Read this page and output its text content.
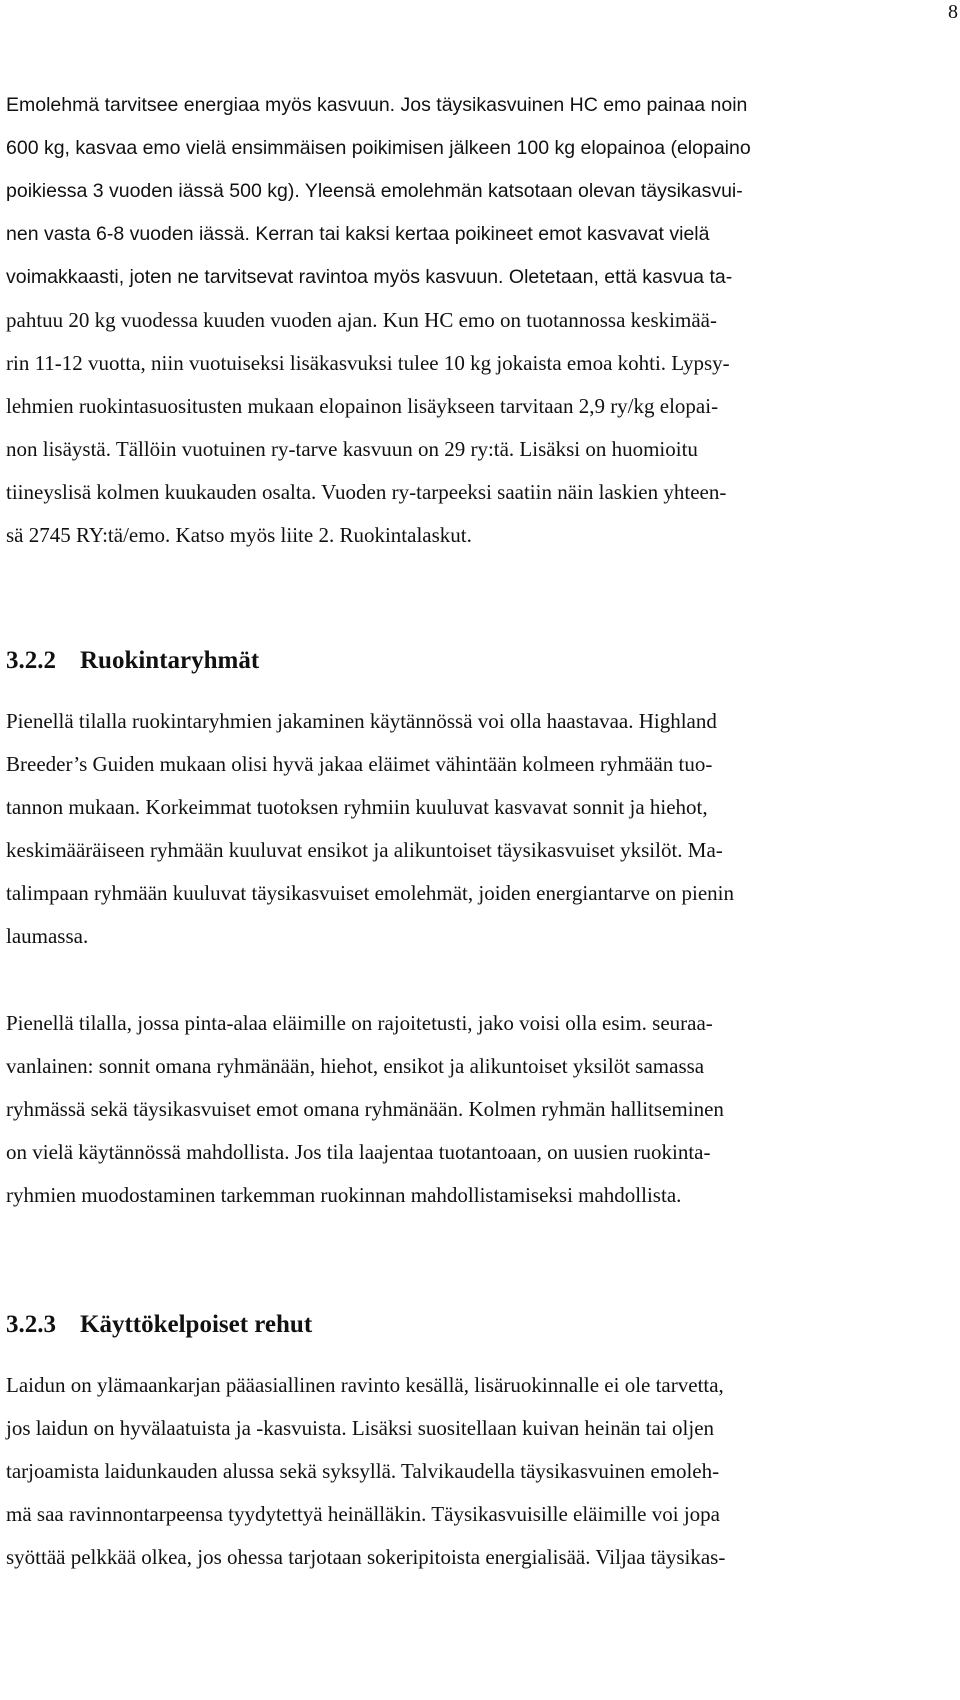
8
Emolehmä tarvitsee energiaa myös kasvuun. Jos täysikasvuinen HC emo painaa noin
600 kg, kasvaa emo vielä ensimmäisen poikimisen jälkeen 100 kg elopainoa (elopaino
poikiessa 3 vuoden iässä 500 kg). Yleensä emolehmän katsotaan olevan täysikasvui-
nen vasta 6-8 vuoden iässä. Kerran tai kaksi kertaa poikineet emot kasvavat vielä
voimakkaasti, joten ne tarvitsevat ravintoa myös kasvuun. Oletetaan, että kasvua ta-
pahtuu 20 kg vuodessa kuuden vuoden ajan. Kun HC emo on tuotannossa keskimää-
rin 11-12 vuotta, niin vuotuiseksi lisäkasvuksi tulee 10 kg jokaista emoa kohti. Lypsy-
lehmien ruokintasuositusten mukaan elopainon lisäykseen tarvitaan 2,9 ry/kg elopai-
non lisäystä. Tällöin vuotuinen ry-tarve kasvuun on 29 ry:tä. Lisäksi on huomioitu
tiineyslisä kolmen kuukauden osalta. Vuoden ry-tarpeeksi saatiin näin laskien yhteen-
sä 2745 RY:tä/emo. Katso myös liite 2. Ruokintalaskut.
3.2.2 Ruokintaryhmät
Pienellä tilalla ruokintaryhmien jakaminen käytännössä voi olla haastavaa. Highland
Breeder’s Guiden mukaan olisi hyvä jakaa eläimet vähintään kolmeen ryhmään tuo-
tannon mukaan. Korkeimmat tuotoksen ryhmiin kuuluvat kasvavat sonnit ja hiehot,
keskimääräiseen ryhmään kuuluvat ensikot ja alikuntoiset täysikasvuiset yksilöt. Ma-
talimpaan ryhmään kuuluvat täysikasvuiset emolehmät, joiden energiantarve on pienin
laumassa.
Pienellä tilalla, jossa pinta-alaa eläimille on rajoitetusti, jako voisi olla esim. seuraa-
vanlainen: sonnit omana ryhmänään, hiehot, ensikot ja alikuntoiset yksilöt samassa
ryhmässä sekä täysikasvuiset emot omana ryhmänään. Kolmen ryhmän hallitseminen
on vielä käytännössä mahdollista. Jos tila laajentaa tuotantoaan, on uusien ruokinta-
ryhmien muodostaminen tarkemman ruokinnan mahdollistamiseksi mahdollista.
3.2.3 Käyttökelpoiset rehut
Laidun on ylämaankarjan pääasiallinen ravinto kesällä, lisäruokinnalle ei ole tarvetta,
jos laidun on hyvälaatuista ja -kasvuista. Lisäksi suositellaan kuivan heinän tai oljen
tarjoamista laidunkauden alussa sekä syksyllä. Talvikaudella täysikasvuinen emoleh-
mä saa ravinnontarpeensa tyydytettyä heinälläkin. Täysikasvuisille eläimille voi jopa
syöttää pelkkää olkea, jos ohessa tarjotaan sokeripitoista energialisää. Viljaa täysikas-
